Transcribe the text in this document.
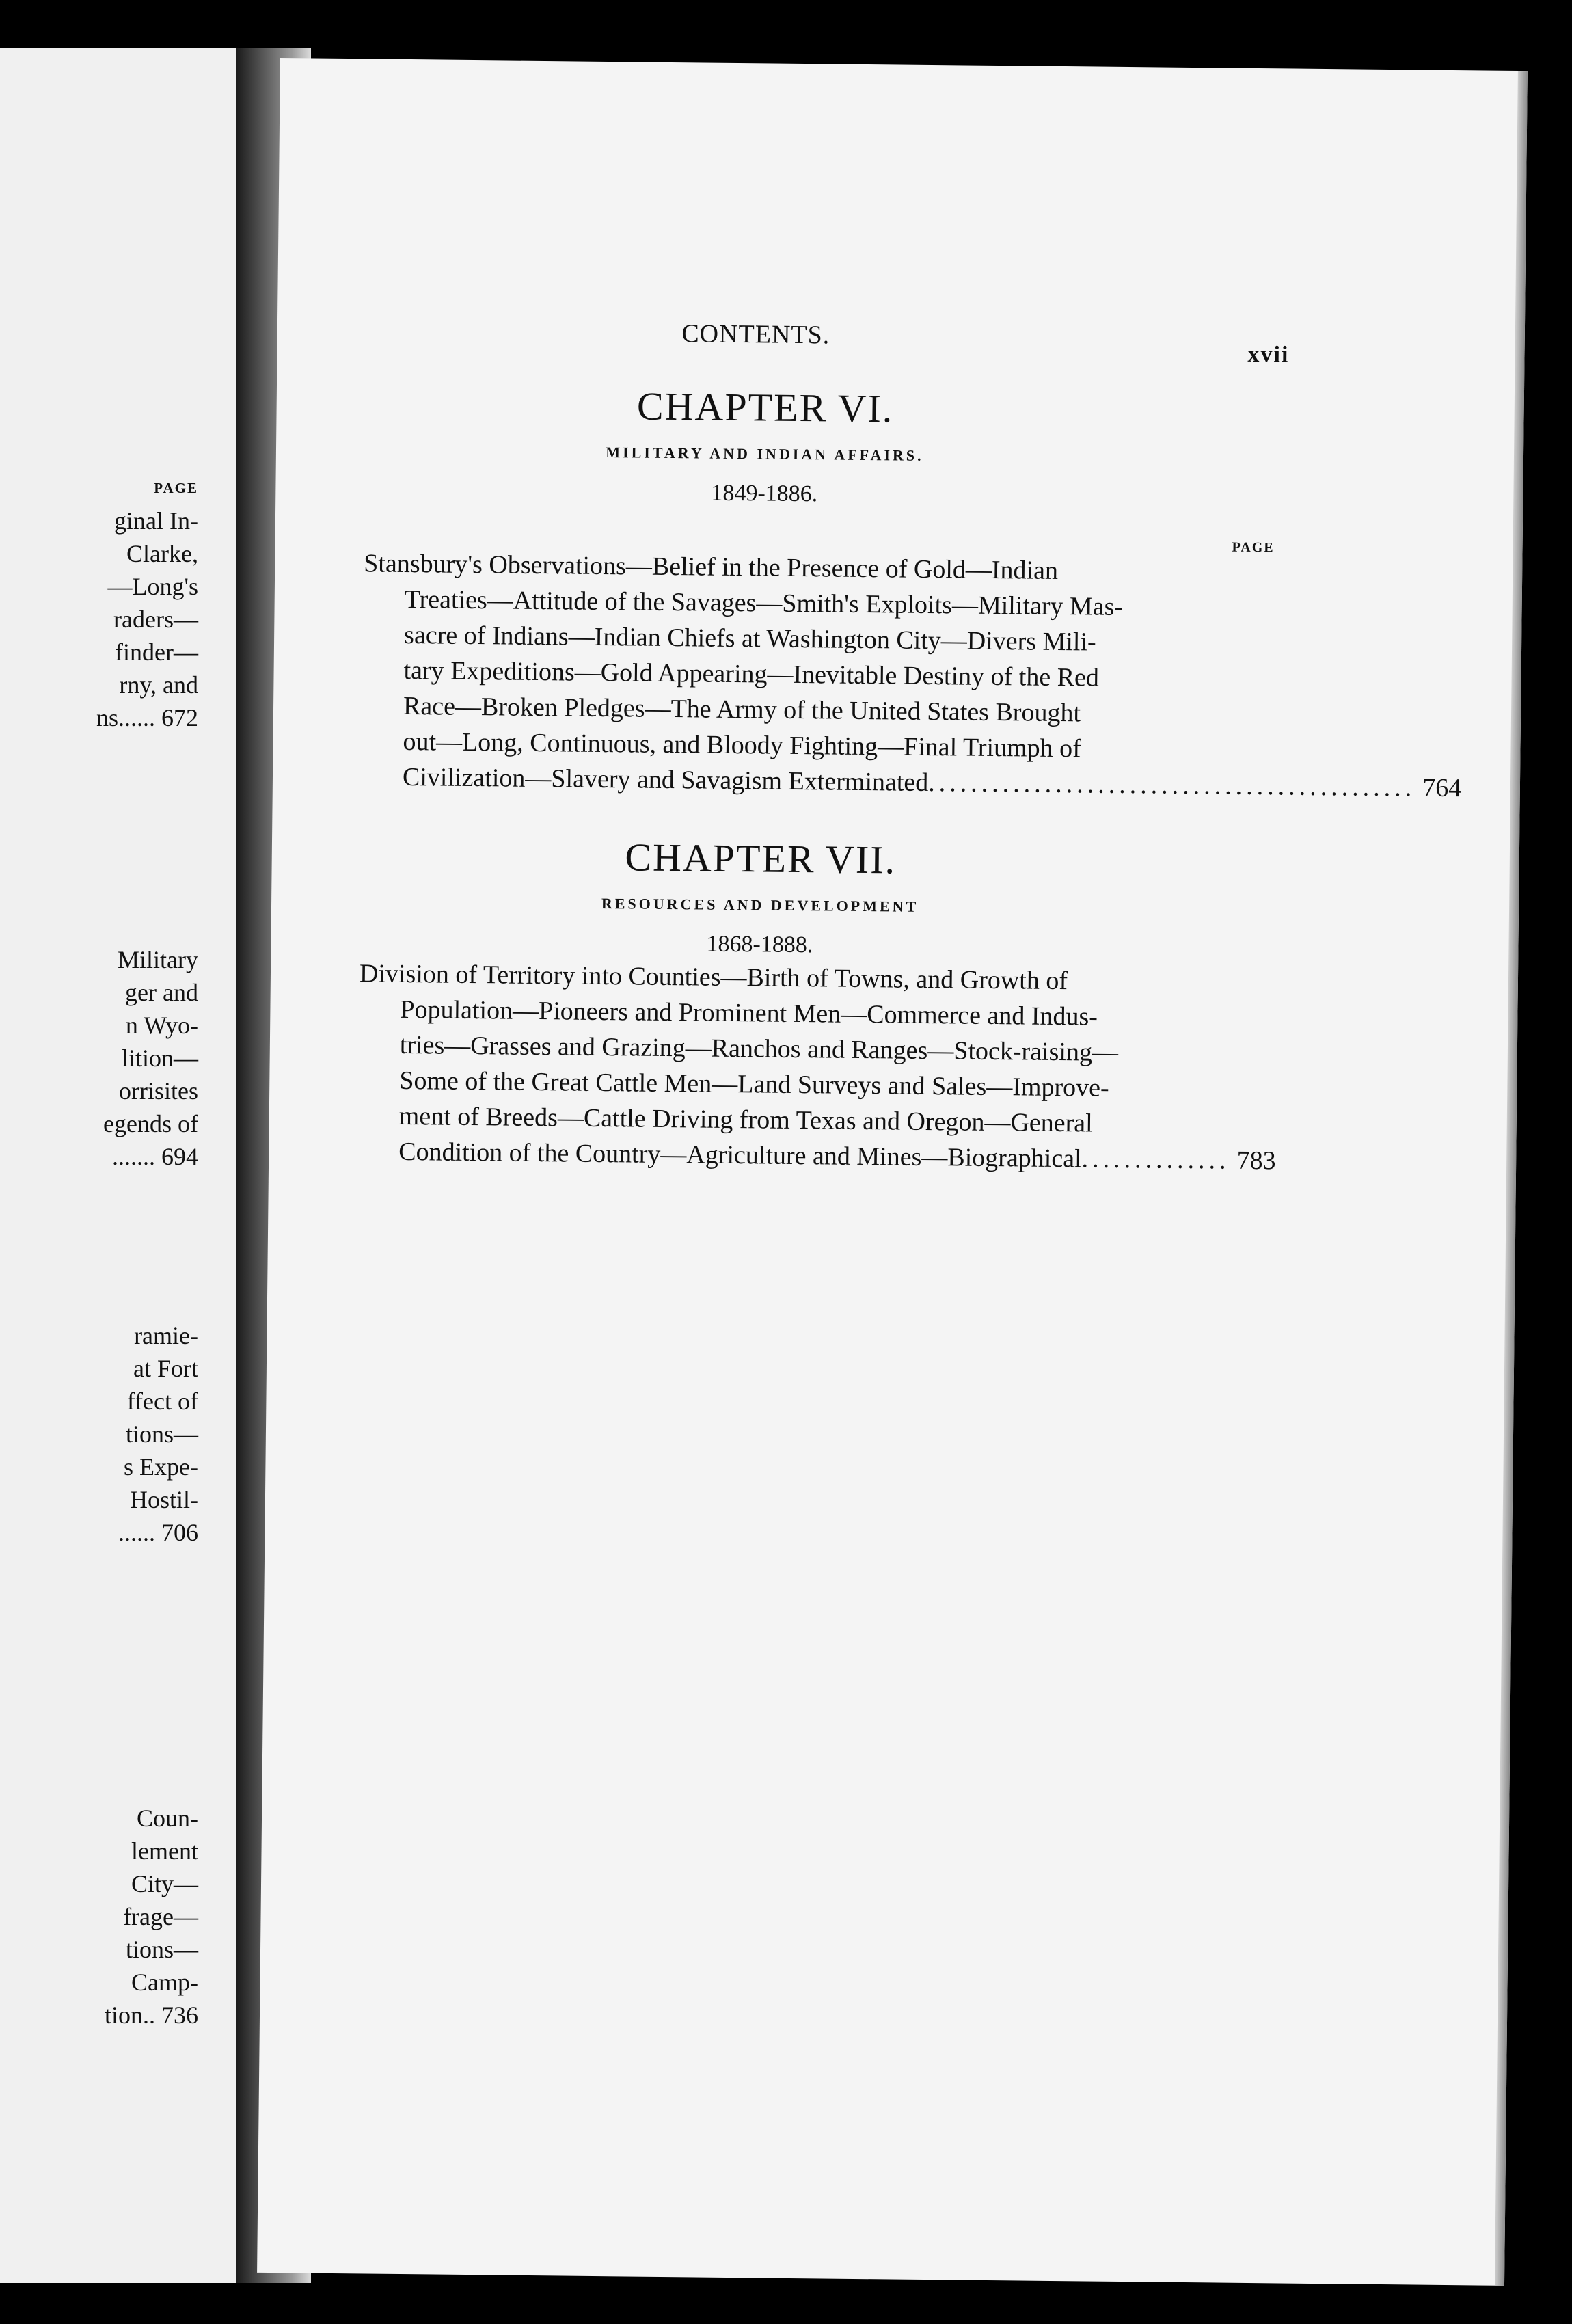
PAGE
ginal In-
Clarke,
—Long's
raders—
finder—
rny, and
ns...... 672
Military
ger and
n Wyo-
lition—
orrisites
egends of
....... 694
ramie-
at Fort
ffect of
tions—
s Expe-
Hostil-
...... 706
Coun-
lement
City—
frage—
tions—
Camp-
tion.. 736
CONTENTS.
xvii
CHAPTER VI.
MILITARY AND INDIAN AFFAIRS.
1849-1886.
PAGE
Stansbury's Observations—Belief in the Presence of Gold—Indian
Treaties—Attitude of the Savages—Smith's Exploits—Military Mas-
sacre of Indians—Indian Chiefs at Washington City—Divers Mili-
tary Expeditions—Gold Appearing—Inevitable Destiny of the Red
Race—Broken Pledges—The Army of the United States Brought
out—Long, Continuous, and Bloody Fighting—Final Triumph of
Civilization—Slavery and Savagism Exterminated .............................................. 764
CHAPTER VII.
RESOURCES AND DEVELOPMENT
1868-1888.
Division of Territory into Counties—Birth of Towns, and Growth of
Population—Pioneers and Prominent Men—Commerce and Indus-
tries—Grasses and Grazing—Ranchos and Ranges—Stock-raising—
Some of the Great Cattle Men—Land Surveys and Sales—Improve-
ment of Breeds—Cattle Driving from Texas and Oregon—General
Condition of the Country—Agriculture and Mines—Biographical .............. 783
